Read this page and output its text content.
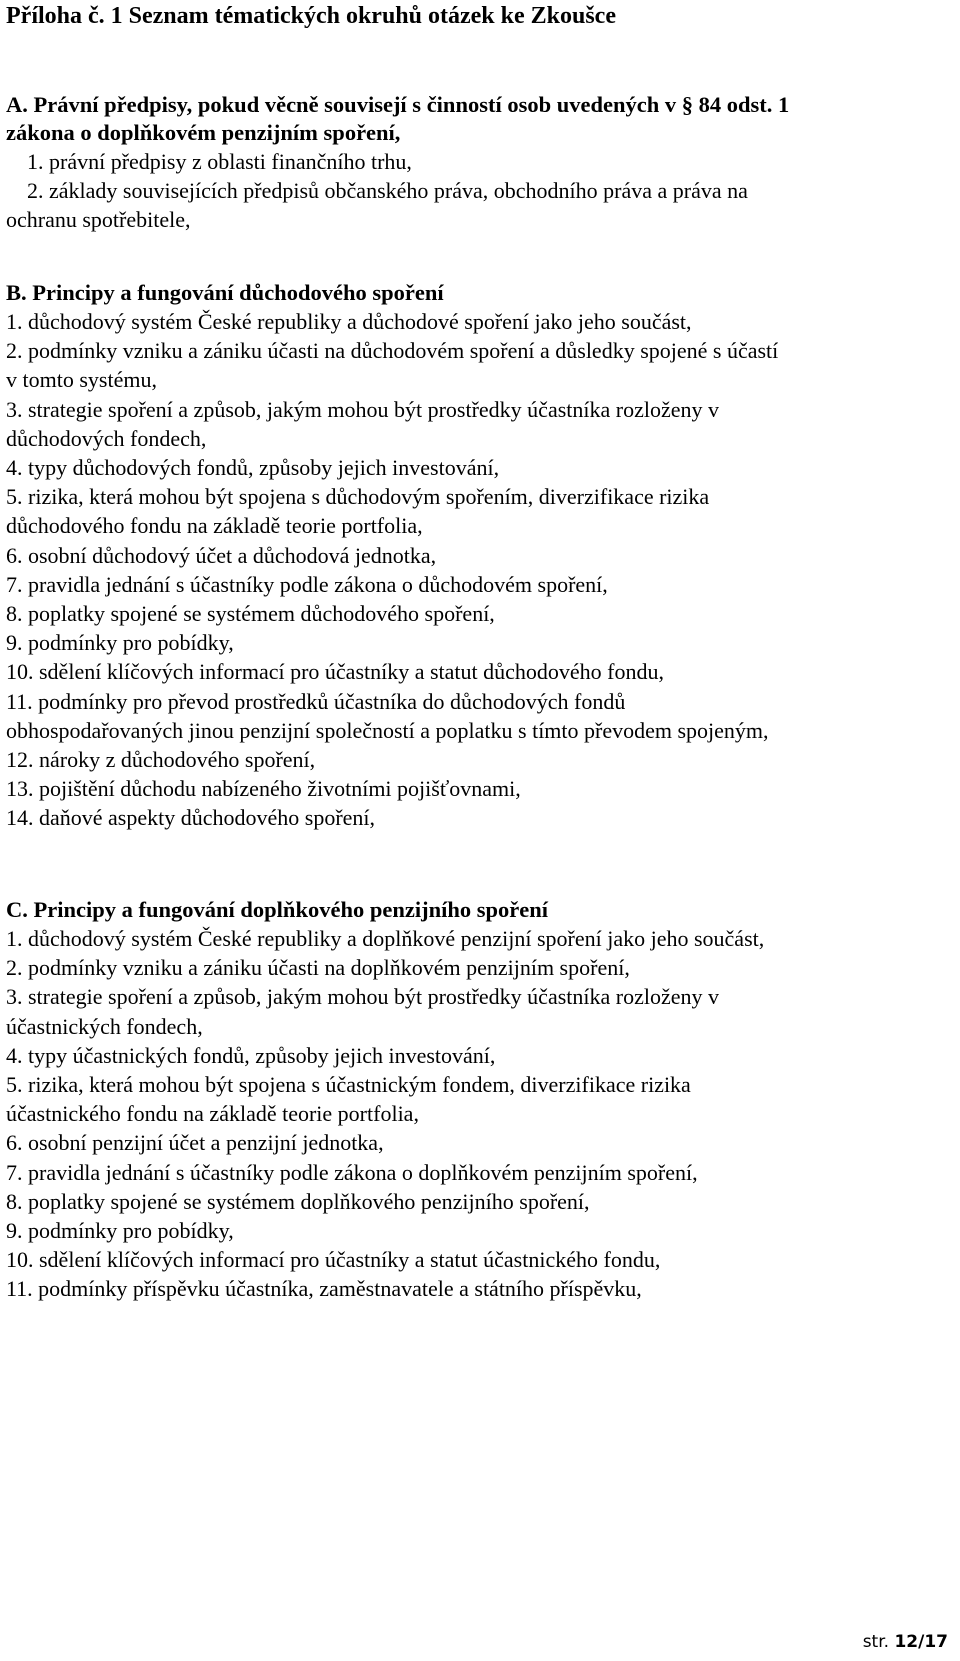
Příloha č. 1 Seznam tématických okruhů otázek ke Zkoušce

A. Právní předpisy, pokud věcně souvisejí s činností osob uvedených v § 84 odst. 1

zákona o doplňkovém penzijním spoření,

1. právní předpisy z oblasti finančního trhu,

2. základy souvisejících předpisů občanského práva, obchodního práva a práva na

ochranu spotřebitele,

B. Principy a fungování důchodového spoření

1. důchodový systém České republiky a důchodové spoření jako jeho součást,

2. podmínky vzniku a zániku účasti na důchodovém spoření a důsledky spojené s účastí

v tomto systému,

3. strategie spoření a způsob, jakým mohou být prostředky účastníka rozloženy v

důchodových fondech,

4. typy důchodových fondů, způsoby jejich investování,

5. rizika, která mohou být spojena s důchodovým spořením, diverzifikace rizika

důchodového fondu na základě teorie portfolia,

6. osobní důchodový účet a důchodová jednotka,

7. pravidla jednání s účastníky podle zákona o důchodovém spoření,

8. poplatky spojené se systémem důchodového spoření,

9. podmínky pro pobídky,

10. sdělení klíčových informací pro účastníky a statut důchodového fondu,

11. podmínky pro převod prostředků účastníka do důchodových fondů

obhospodařovaných jinou penzijní společností a poplatku s tímto převodem spojeným,

12. nároky z důchodového spoření,

13. pojištění důchodu nabízeného životními pojišťovnami,

14. daňové aspekty důchodového spoření,

C. Principy a fungování doplňkového penzijního spoření

1. důchodový systém České republiky a doplňkové penzijní spoření jako jeho součást,

2. podmínky vzniku a zániku účasti na doplňkovém penzijním spoření,

3. strategie spoření a způsob, jakým mohou být prostředky účastníka rozloženy v

účastnických fondech,

4. typy účastnických fondů, způsoby jejich investování,

5. rizika, která mohou být spojena s účastnickým fondem, diverzifikace rizika

účastnického fondu na základě teorie portfolia,

6. osobní penzijní účet a penzijní jednotka,

7. pravidla jednání s účastníky podle zákona o doplňkovém penzijním spoření,

8. poplatky spojené se systémem doplňkového penzijního spoření,

9. podmínky pro pobídky,

10. sdělení klíčových informací pro účastníky a statut účastnického fondu,

11. podmínky příspěvku účastníka, zaměstnavatele a státního příspěvku,

str. 12/17
